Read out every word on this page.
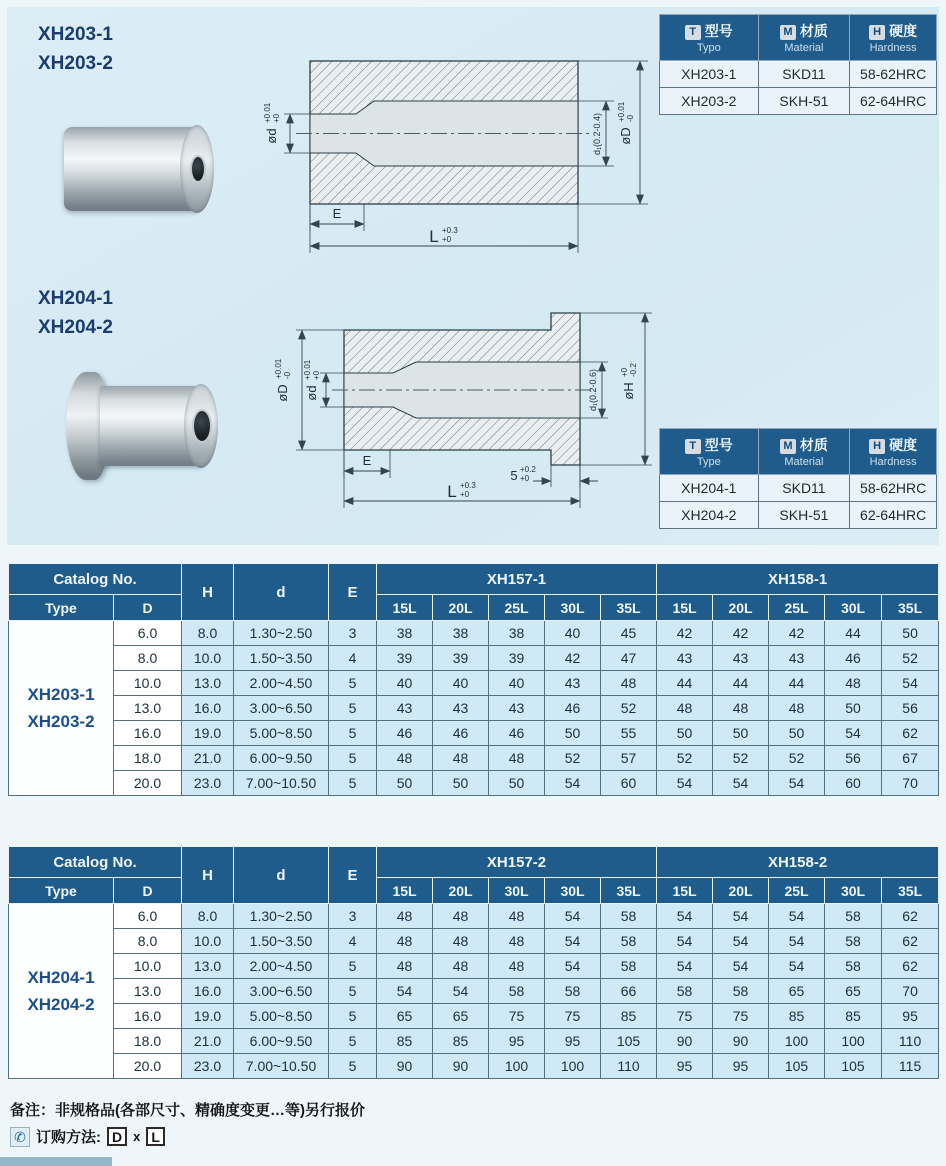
XH203-1
XH203-2
XH204-1
XH204-2
ød
+0.01 +0	d₁(0.2-0.4) øD
+0.01 -0
E
L +0.3
+0
øD
+0.01 -0
ød
+0.01 +0	d₁(0.2-0.6) øH
+0 -0.2
E
5 +0.2
+0
L +0.3
+0
T 型号
Typo

M 材质
Material

H 硬度
Hardness

XH203-1	SKD11	58-62HRC
XH203-2	SKH-51	62-64HRC
T 型号
Type

M 材质
Material

H 硬度
Hardness

XH204-1	SKD11	58-62HRC
XH204-2	SKH-51	62-64HRC
Catalog No.		H	d	E	XH157-1					XH158-1				
Type	D				15L	20L	25L	30L	35L	15L	20L	25L	30L	35L

XH203-1
XH203-2	6.0	8.0	1.30~2.50	3	38	38	38	40	45	42	42	42	44	50
	8.0	10.0	1.50~3.50	4	39	39	39	42	47	43	43	43	46	52
	10.0	13.0	2.00~4.50	5	40	40	40	43	48	44	44	44	48	54
	13.0	16.0	3.00~6.50	5	43	43	43	46	52	48	48	48	50	56
	16.0	19.0	5.00~8.50	5	46	46	46	50	55	50	50	50	54	62
	18.0	21.0	6.00~9.50	5	48	48	48	52	57	52	52	52	56	67
	20.0	23.0	7.00~10.50	5	50	50	50	54	60	54	54	54	60	70
Catalog No.		H	d	E	XH157-2					XH158-2				
Type	D				15L	20L	30L	30L	35L	15L	20L	25L	30L	35L

XH204-1
XH204-2	6.0	8.0	1.30~2.50	3	48	48	48	54	58	54	54	54	58	62
	8.0	10.0	1.50~3.50	4	48	48	48	54	58	54	54	54	58	62
	10.0	13.0	2.00~4.50	5	48	48	48	54	58	54	54	54	58	62
	13.0	16.0	3.00~6.50	5	54	54	58	58	66	58	58	65	65	70
	16.0	19.0	5.00~8.50	5	65	65	75	75	85	75	75	85	85	95
	18.0	21.0	6.00~9.50	5	85	85	95	95	105	90	90	100	100	110
	20.0	23.0	7.00~10.50	5	90	90	100	100	110	95	95	105	105	115
备注：非规格品(各部尺寸、精确度变更…等)另行报价
✆ 订购方法: D x L
